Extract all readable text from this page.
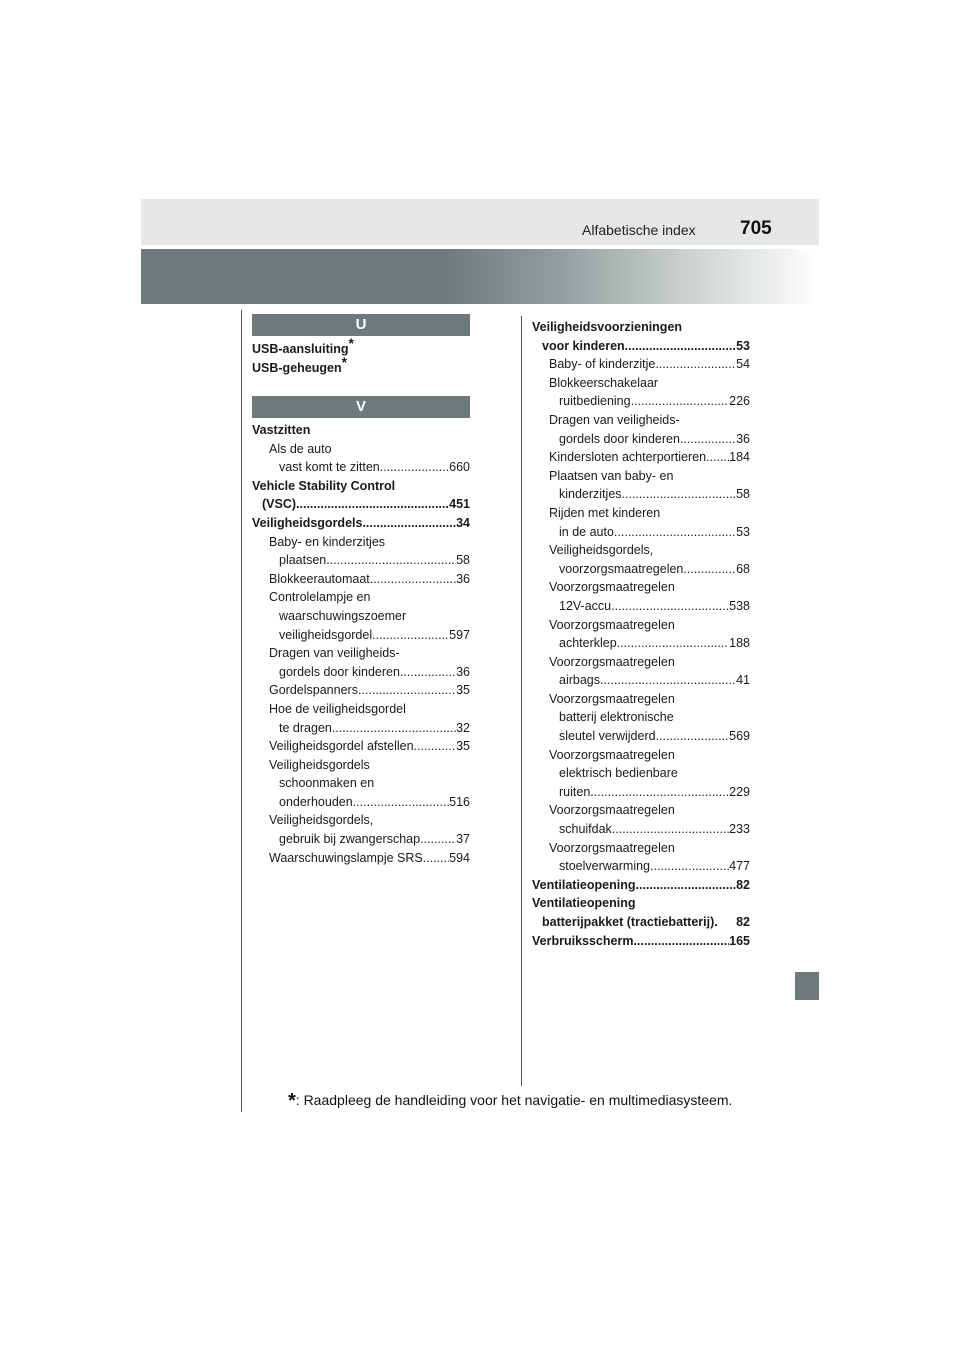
Alfabetische index 705
U
USB-aansluiting*
USB-geheugen*
V
Vastzitten
Als de auto
vast komt te zitten .....	660
Vehicle Stability Control
(VSC) .....	451
Veiligheidsgordels .....	34
Baby- en kinderzitjes
plaatsen .....	58
Blokkeerautomaat .....	36
Controlelampje en
waarschuwingszoemer
veiligheidsgordel .....	597
Dragen van veiligheids-
gordels door kinderen .....	36
Gordelspanners .....	35
Hoe de veiligheidsgordel
te dragen .....	32
Veiligheidsgordel afstellen .....	35
Veiligheidsgordels
schoonmaken en
onderhouden .....	516
Veiligheidsgordels,
gebruik bij zwangerschap .....	37
Waarschuwingslampje SRS ..... 594
Veiligheidsvoorzieningen
voor kinderen .....	53
Baby- of kinderzitje .....	54
Blokkeerschakelaar
ruitbediening .....	226
Dragen van veiligheids-
gordels door kinderen .....	36
Kindersloten achterportieren ..... 184
Plaatsen van baby- en
kinderzitjes .....	58
Rijden met kinderen
in de auto .....	53
Veiligheidsgordels,
voorzorgsmaatregelen .....	68
Voorzorgsmaatregelen
12V-accu .....	538
Voorzorgsmaatregelen
achterklep .....	188
Voorzorgsmaatregelen
airbags .....	41
Voorzorgsmaatregelen
batterij elektronische
sleutel verwijderd .....	569
Voorzorgsmaatregelen
elektrisch bedienbare
ruiten .....	229
Voorzorgsmaatregelen
schuifdak .....	233
Voorzorgsmaatregelen
stoelverwarming .....	477
Ventilatieopening .....	82
Ventilatieopening
batterijpakket (tractiebatterij). 82
Verbruiksscherm .....	165
*: Raadpleeg de handleiding voor het navigatie- en multimediasysteem.
